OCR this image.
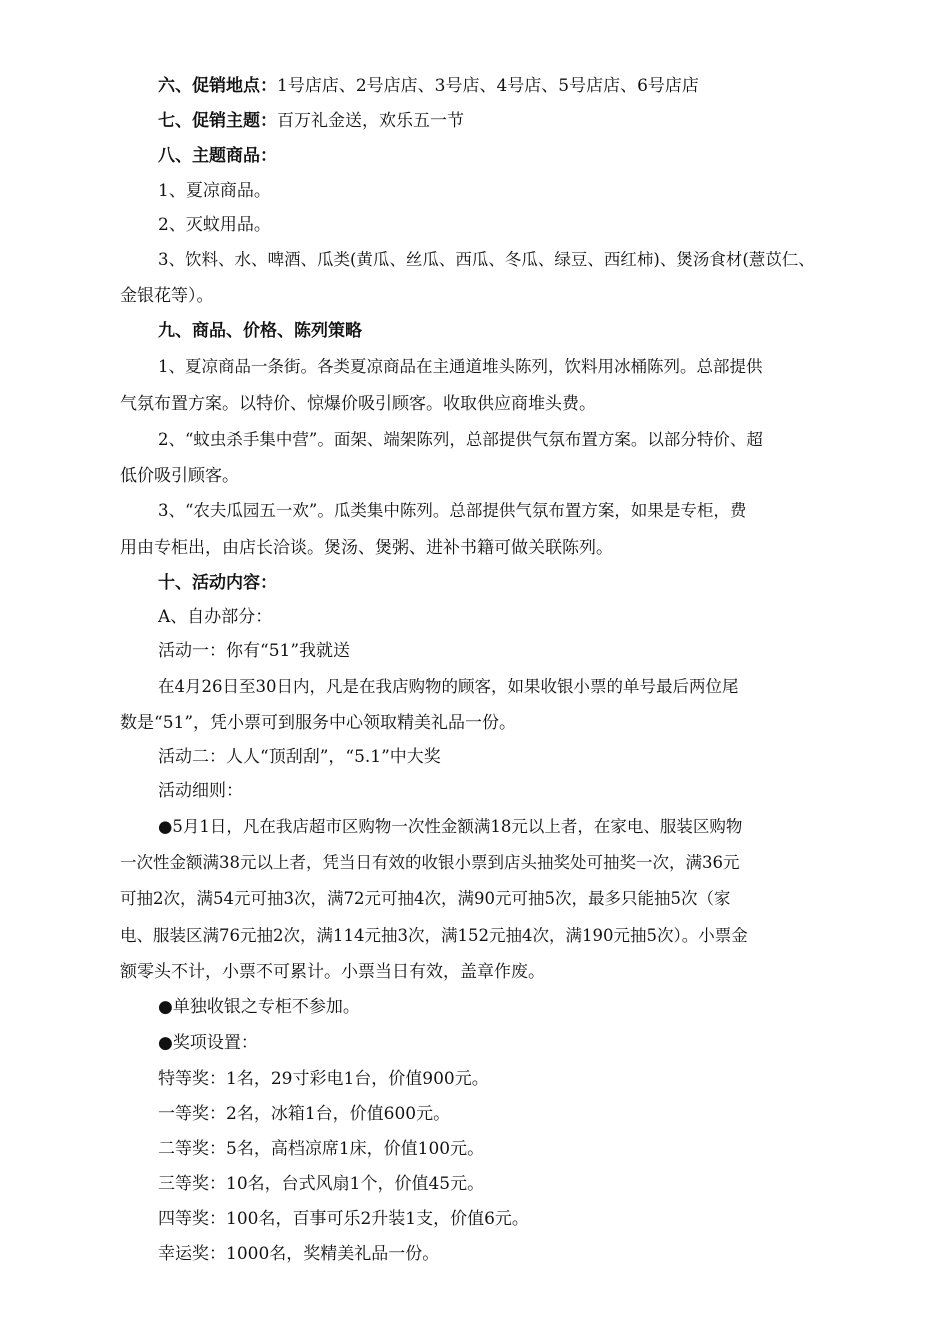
六、促销地点：1号店店、2号店店、3号店、4号店、5号店店、6号店店
七、促销主题：百万礼金送，欢乐五一节
八、主题商品：
1、夏凉商品。
2、灭蚊用品。
3、饮料、水、啤酒、瓜类(黄瓜、丝瓜、西瓜、冬瓜、绿豆、西红柿)、煲汤食材(薏苡仁、
金银花等）。
九、商品、价格、陈列策略
1、夏凉商品一条街。各类夏凉商品在主通道堆头陈列，饮料用冰桶陈列。总部提供
气氛布置方案。以特价、惊爆价吸引顾客。收取供应商堆头费。
2、“蚊虫杀手集中营”。面架、端架陈列，总部提供气氛布置方案。以部分特价、超
低价吸引顾客。
3、“农夫瓜园五一欢”。瓜类集中陈列。总部提供气氛布置方案，如果是专柜，费
用由专柜出，由店长洽谈。煲汤、煲粥、进补书籍可做关联陈列。
十、活动内容：
A、自办部分：
活动一：你有“51”我就送
在4月26日至30日内，凡是在我店购物的顾客，如果收银小票的单号最后两位尾
数是“51”，凭小票可到服务中心领取精美礼品一份。
活动二：人人“顶刮刮”，“5.1”中大奖
活动细则：
●5月1日，凡在我店超市区购物一次性金额满18元以上者，在家电、服装区购物
一次性金额满38元以上者，凭当日有效的收银小票到店头抽奖处可抽奖一次，满36元
可抽2次，满54元可抽3次，满72元可抽4次，满90元可抽5次，最多只能抽5次（家
电、服装区满76元抽2次，满114元抽3次，满152元抽4次，满190元抽5次）。小票金
额零头不计，小票不可累计。小票当日有效，盖章作废。
●单独收银之专柜不参加。
●奖项设置：
特等奖：1名，29寸彩电1台，价值900元。
一等奖：2名，冰箱1台，价值600元。
二等奖：5名，高档凉席1床，价值100元。
三等奖：10名，台式风扇1个，价值45元。
四等奖：100名，百事可乐2升装1支，价值6元。
幸运奖：1000名，奖精美礼品一份。
